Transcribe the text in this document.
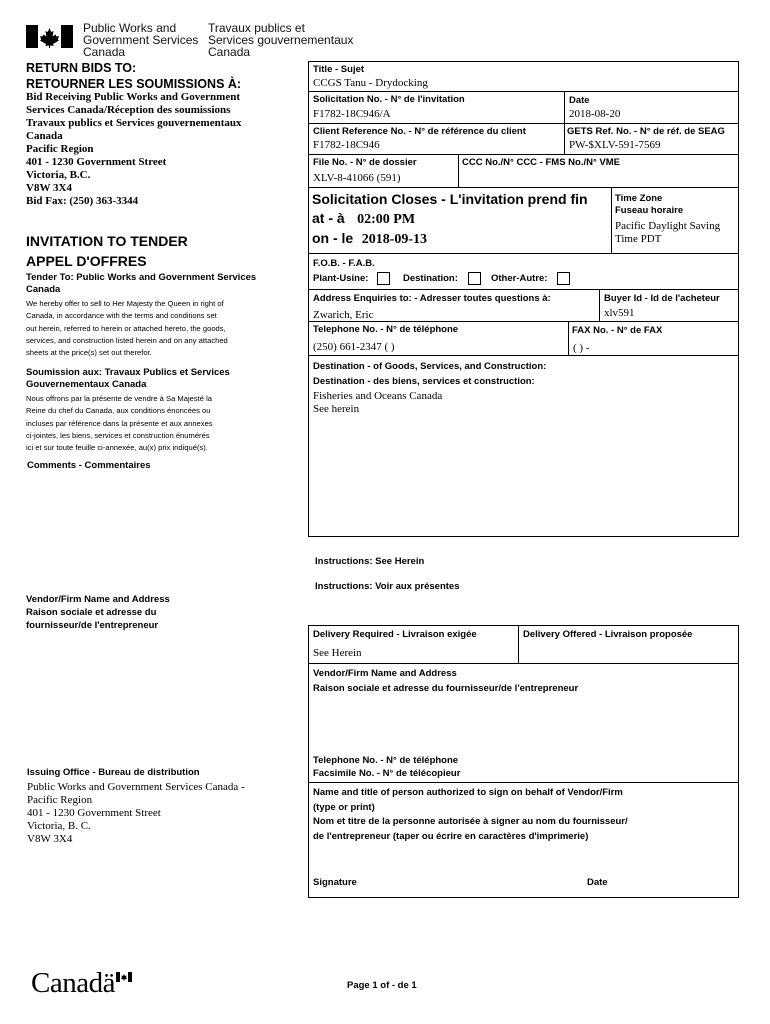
Public Works and
Government Services
Canada
Travaux publics et
Services gouvernementaux
Canada
RETURN BIDS TO:
RETOURNER LES SOUMISSIONS À:
Bid Receiving Public Works and Government
Services Canada/Réception des soumissions
Travaux publics et Services gouvernementaux
Canada
Pacific Region
401 - 1230 Government Street
Victoria, B.C.
V8W 3X4
Bid Fax: (250) 363-3344
INVITATION TO TENDER
APPEL D'OFFRES
Tender To: Public Works and Government Services
Canada
We hereby offer to sell to Her Majesty the Queen in right of
Canada, in accordance with the terms and conditions set
out herein, referred to herein or attached hereto, the goods,
services, and construction listed herein and on any attached
sheets at the price(s) set out therefor.
Soumission aux: Travaux Publics et Services
Gouvernementaux Canada
Nous offrons par la présente de vendre à Sa Majesté la
Reine du chef du Canada, aux conditions énoncées ou
incluses par référence dans la présente et aux annexes
ci-jointes, les biens, services et construction énumérés
ici et sur toute feuille ci-annexée, au(x) prix indiqué(s).
Comments - Commentaires
Vendor/Firm Name and Address
Raison sociale et adresse du
fournisseur/de l'entrepreneur
Issuing Office - Bureau de distribution
Public Works and Government Services Canada -
Pacific Region
401 - 1230 Government Street
Victoria, B. C.
V8W 3X4
Title - Sujet
CCGS Tanu - Drydocking
Solicitation No. - N° de l'invitation
F1782-18C946/A
Date
2018-08-20
Client Reference No. - N° de référence du client
F1782-18C946
GETS Ref. No. - N° de réf. de SEAG
PW-$XLV-591-7569
File No. - N° de dossier
XLV-8-41066 (591)
CCC No./N° CCC - FMS No./N° VME
Solicitation Closes - L'invitation prend fin
at - à 02:00 PM
on - le 2018-09-13
Time Zone
Fuseau horaire
Pacific Daylight Saving
Time PDT
F.O.B. - F.A.B.
Plant-Usine:	Destination:	Other-Autre:
Address Enquiries to: - Adresser toutes questions à:
Zwarich, Eric
Buyer Id - Id de l'acheteur
xlv591
Telephone No. - N° de téléphone
(250) 661-2347 ( )
FAX No. - N° de FAX
( ) -
Destination - of Goods, Services, and Construction:
Destination - des biens, services et construction:
Fisheries and Oceans Canada
See herein
Instructions: See Herein
Instructions: Voir aux présentes
Delivery Required - Livraison exigée
See Herein
Delivery Offered - Livraison proposée
Vendor/Firm Name and Address
Raison sociale et adresse du fournisseur/de l'entrepreneur
Telephone No. - N° de téléphone
Facsimile No. - N° de télécopieur
Name and title of person authorized to sign on behalf of Vendor/Firm
(type or print)
Nom et titre de la personne autorisée à signer au nom du fournisseur/
de l'entrepreneur (taper ou écrire en caractères d'imprimerie)
Signature	Date
Canadä	Page 1 of - de 1
